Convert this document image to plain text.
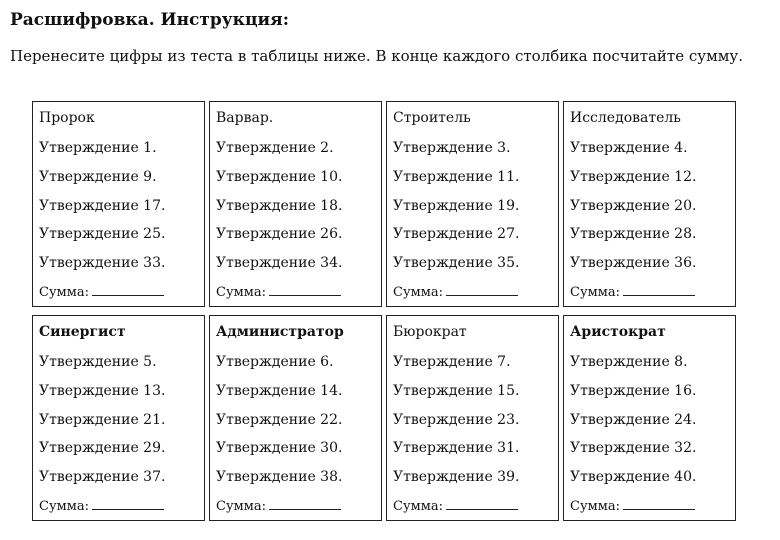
Расшифровка. Инструкция:
Перенесите цифры из теста в таблицы ниже. В конце каждого столбика посчитайте сумму.
Пророк
Утверждение 1.
Утверждение 9.
Утверждение 17.
Утверждение 25.
Утверждение 33.
Сумма:
Варвар.
Утверждение 2.
Утверждение 10.
Утверждение 18.
Утверждение 26.
Утверждение 34.
Сумма:
Строитель
Утверждение 3.
Утверждение 11.
Утверждение 19.
Утверждение 27.
Утверждение 35.
Сумма:
Исследователь
Утверждение 4.
Утверждение 12.
Утверждение 20.
Утверждение 28.
Утверждение 36.
Сумма:
Синергист
Утверждение 5.
Утверждение 13.
Утверждение 21.
Утверждение 29.
Утверждение 37.
Сумма:
Администратор
Утверждение 6.
Утверждение 14.
Утверждение 22.
Утверждение 30.
Утверждение 38.
Сумма:
Бюрократ
Утверждение 7.
Утверждение 15.
Утверждение 23.
Утверждение 31.
Утверждение 39.
Сумма:
Аристократ
Утверждение 8.
Утверждение 16.
Утверждение 24.
Утверждение 32.
Утверждение 40.
Сумма:
